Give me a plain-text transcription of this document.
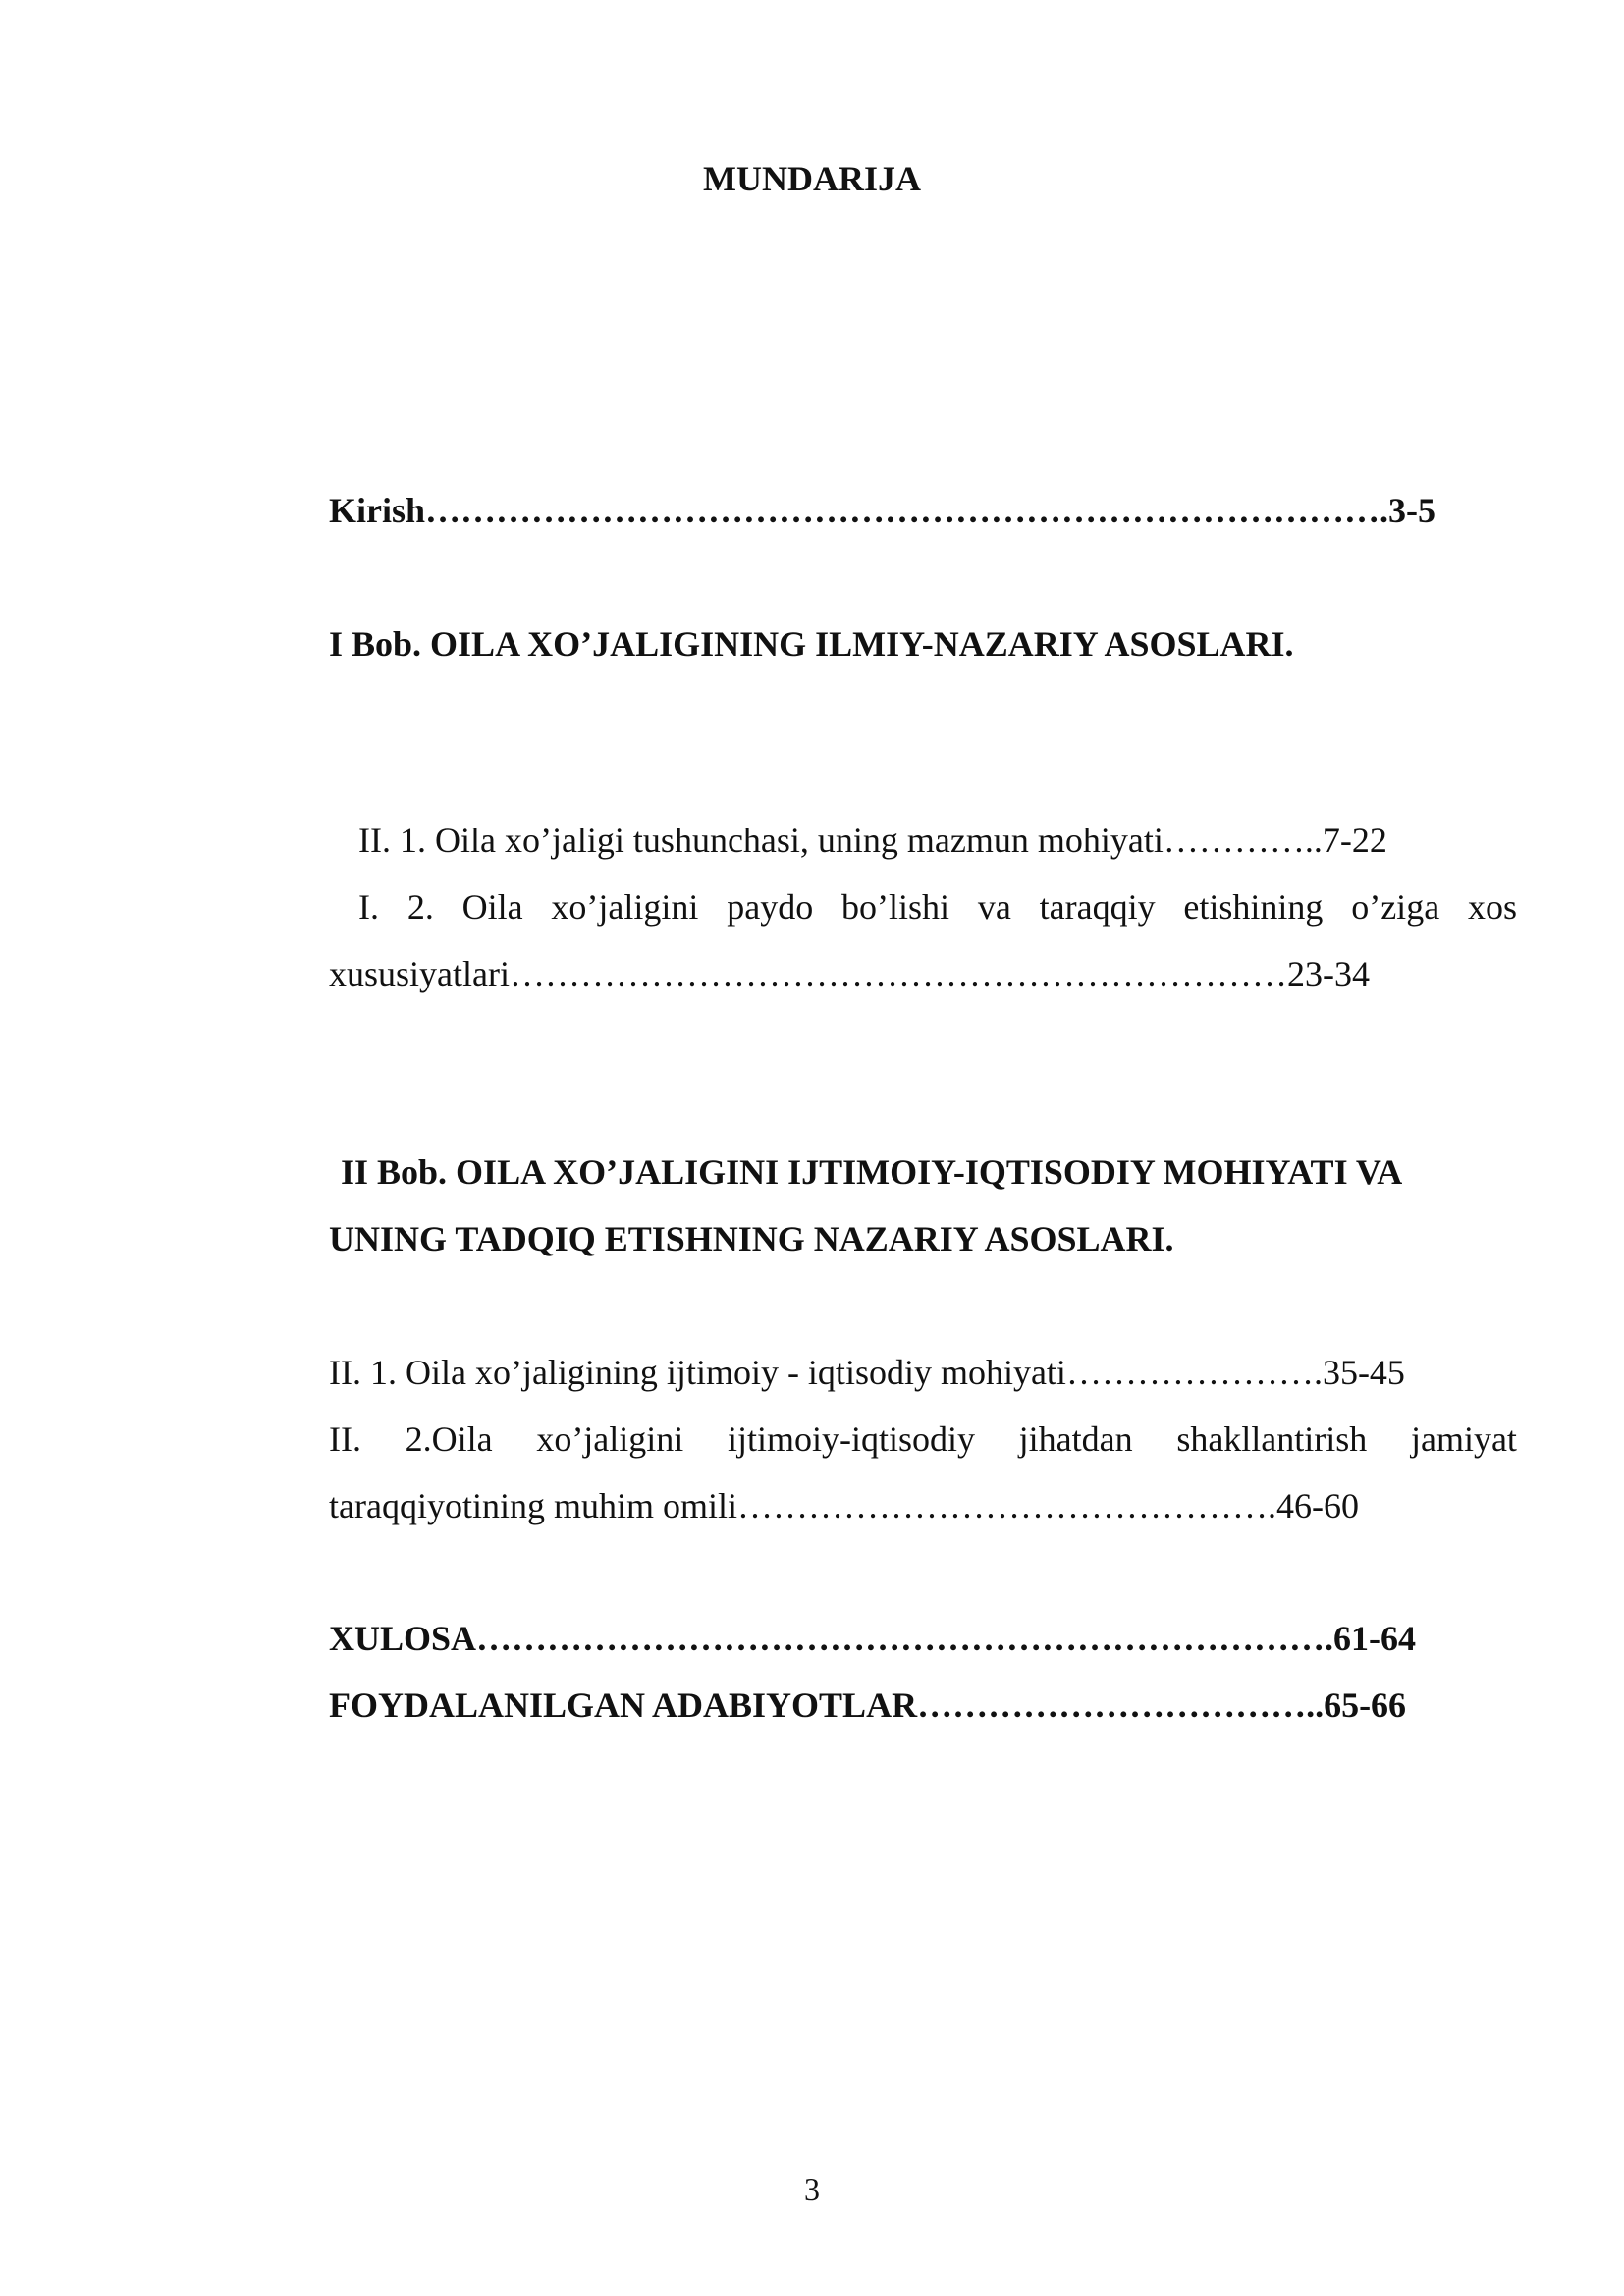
MUNDARIJA
Kirish……………………………………………………………………….3-5
I Bob. OILA XO’JALIGINING ILMIY-NAZARIY ASOSLARI.
II. 1. Oila xo’jaligi tushunchasi, uning mazmun mohiyati…………..7-22
I. 2. Oila xo’jaligini paydo bo’lishi va taraqqiy etishining o’ziga xos
xususiyatlari…………………………………………………………23-34
II Bob. OILA XO’JALIGINI IJTIMOIY-IQTISODIY MOHIYATI VA
UNING TADQIQ ETISHNING NAZARIY ASOSLARI.
II. 1. Oila xo’jaligining ijtimoiy - iqtisodiy mohiyati………………….35-45
II. 2.Oila xo’jaligini ijtimoiy-iqtisodiy jihatdan shakllantirish jamiyat
taraqqiyotining muhim omili……………………………………….46-60
XULOSA……………………………………………………………….61-64
FOYDALANILGAN ADABIYOTLAR……………………………..65-66
3
